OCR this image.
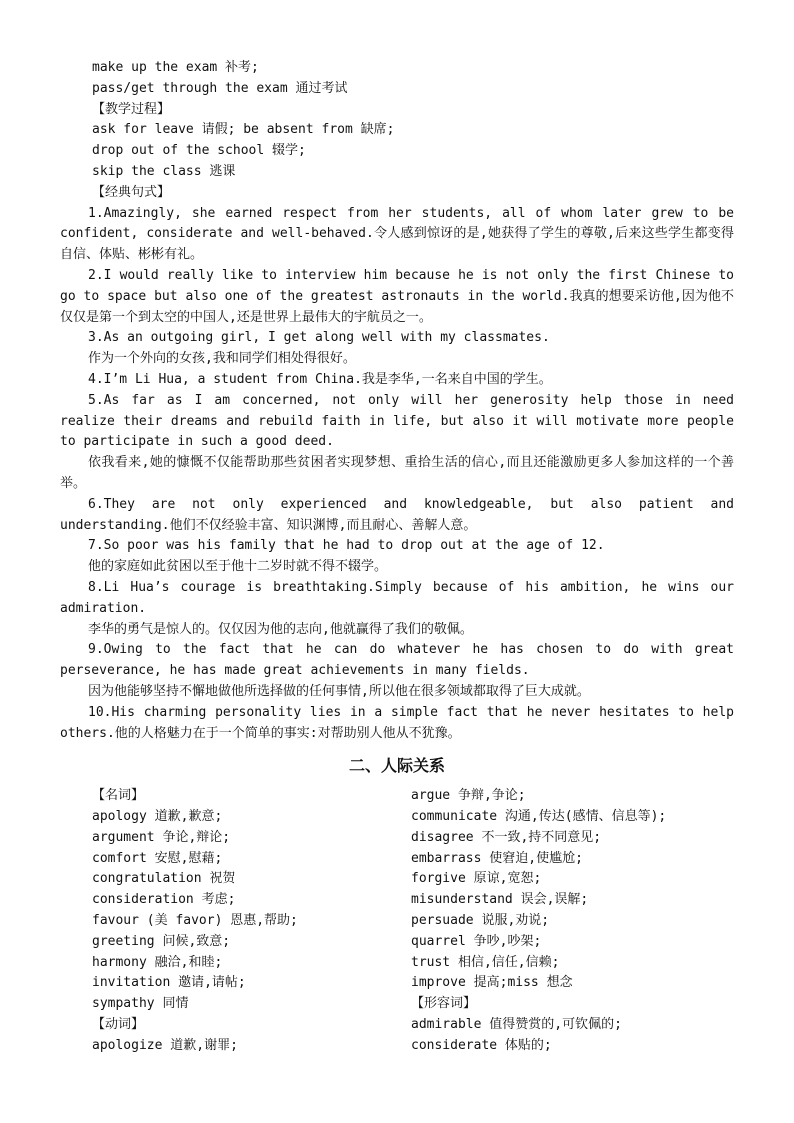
make up the exam 补考;
pass/get through the exam 通过考试
【教学过程】
ask for leave 请假; be absent from 缺席;
drop out of the school 辍学;
skip the class 逃课
【经典句式】
1.Amazingly, she earned respect from her students, all of whom later grew to be confident, considerate and well-behaved.令人感到惊讶的是,她获得了学生的尊敬,后来这些学生都变得自信、体贴、彬彬有礼。
2.I would really like to interview him because he is not only the first Chinese to go to space but also one of the greatest astronauts in the world.我真的想要采访他,因为他不仅仅是第一个到太空的中国人,还是世界上最伟大的宇航员之一。
3.As an outgoing girl, I get along well with my classmates.
作为一个外向的女孩,我和同学们相处得很好。
4.I’m Li Hua, a student from China.我是李华,一名来自中国的学生。
5.As far as I am concerned, not only will her generosity help those in need realize their dreams and rebuild faith in life, but also it will motivate more people to participate in such a good deed.
依我看来,她的慷慨不仅能帮助那些贫困者实现梦想、重拾生活的信心,而且还能激励更多人参加这样的一个善举。
6.They are not only experienced and knowledgeable, but also patient and understanding.他们不仅经验丰富、知识渊博,而且耐心、善解人意。
7.So poor was his family that he had to drop out at the age of 12.
他的家庭如此贫困以至于他十二岁时就不得不辍学。
8.Li Hua’s courage is breathtaking.Simply because of his ambition, he wins our admiration.
李华的勇气是惊人的。仅仅因为他的志向,他就赢得了我们的敬佩。
9.Owing to the fact that he can do whatever he has chosen to do with great perseverance, he has made great achievements in many fields.
因为他能够坚持不懈地做他所选择做的任何事情,所以他在很多领域都取得了巨大成就。
10.His charming personality lies in a simple fact that he never hesitates to help others.他的人格魅力在于一个简单的事实:对帮助别人他从不犹豫。
二、人际关系
【名词】
apology 道歉,歉意;
argument 争论,辩论;
comfort 安慰,慰藉;
congratulation 祝贺
consideration 考虑;
favour (美 favor) 恩惠,帮助;
greeting 问候,致意;
harmony 融洽,和睦;
invitation 邀请,请帖;
sympathy 同情
【动词】
apologize 道歉,谢罪;
argue 争辩,争论;
communicate 沟通,传达(感情、信息等);
disagree 不一致,持不同意见;
embarrass 使窘迫,使尴尬;
forgive 原谅,宽恕;
misunderstand 误会,误解;
persuade 说服,劝说;
quarrel 争吵,吵架;
trust 相信,信任,信赖;
improve 提高;miss 想念
【形容词】
admirable 值得赞赏的,可钦佩的;
considerate 体贴的;
